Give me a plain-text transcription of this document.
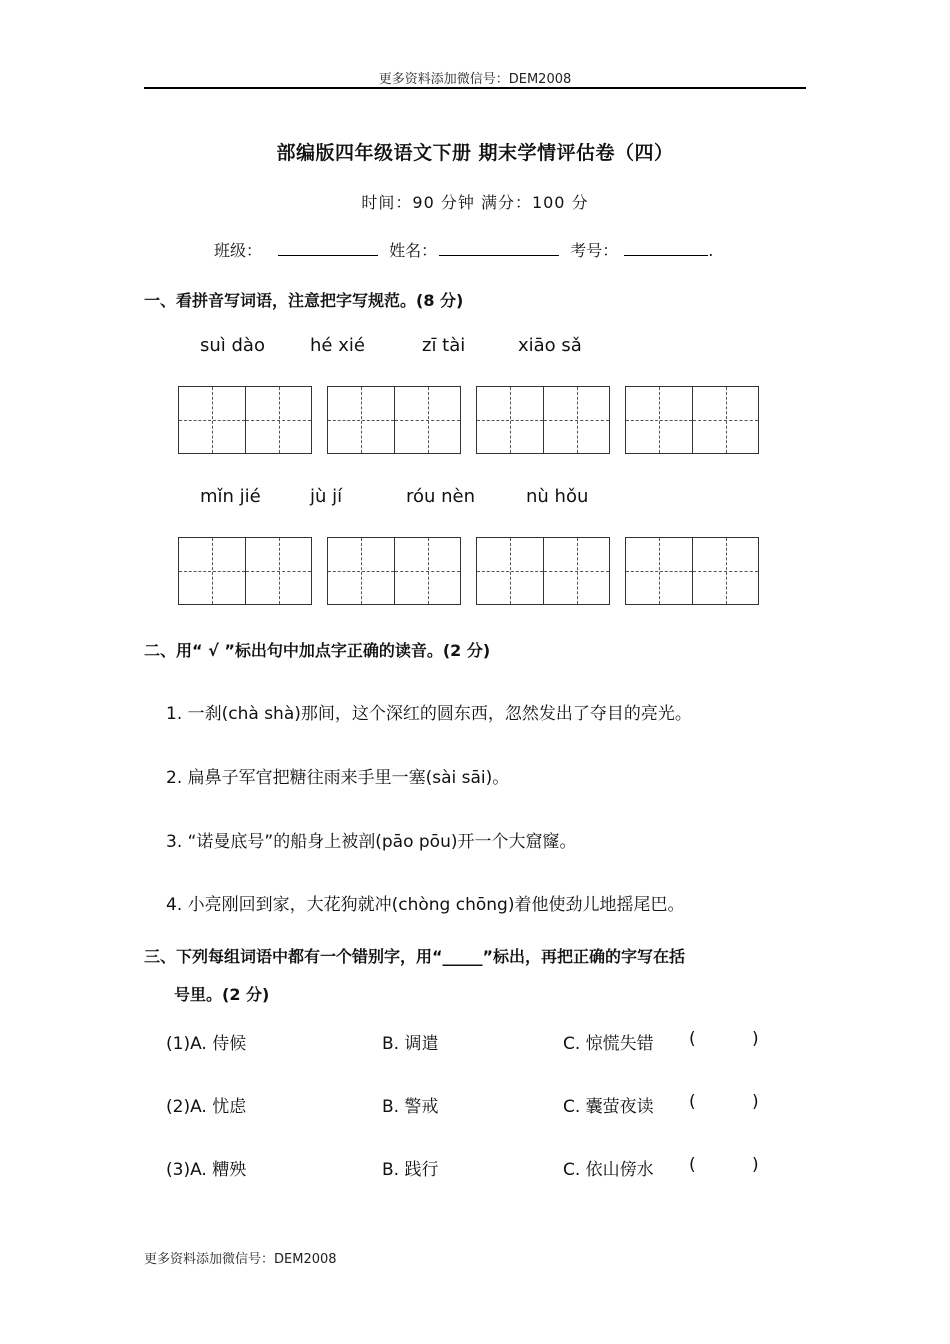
更多资料添加微信号：DEM2008
部编版四年级语文下册 期末学情评估卷（四）
时间：90 分钟 满分：100 分
班级：	姓名：	考号：	.
一、看拼音写词语，注意把字写规范。(8 分)
suì dào	hé xié	zī tài	xiāo sǎ
mǐn jié	jù jí	róu nèn	nù hǒu
二、用“ √ ”标出句中加点字正确的读音。(2 分)
1. 一刹(chà shà)那间，这个深红的圆东西，忽然发出了夺目的亮光。
2. 扁鼻子军官把糖往雨来手里一塞(sài sāi)。
3. “诺曼底号”的船身上被剖(pāo pōu)开一个大窟窿。
4. 小亮刚回到家，大花狗就冲(chòng chōng)着他使劲儿地摇尾巴。
三、下列每组词语中都有一个错别字，用“_____”标出，再把正确的字写在括
号里。(2 分)
(1)A. 侍候	B. 调遣	C. 惊慌失错 (	)
(2)A. 忧虑	B. 警戒	C. 囊萤夜读 (	)
(3)A. 糟殃	B. 践行	C. 依山傍水 (	)
更多资料添加微信号：DEM2008
